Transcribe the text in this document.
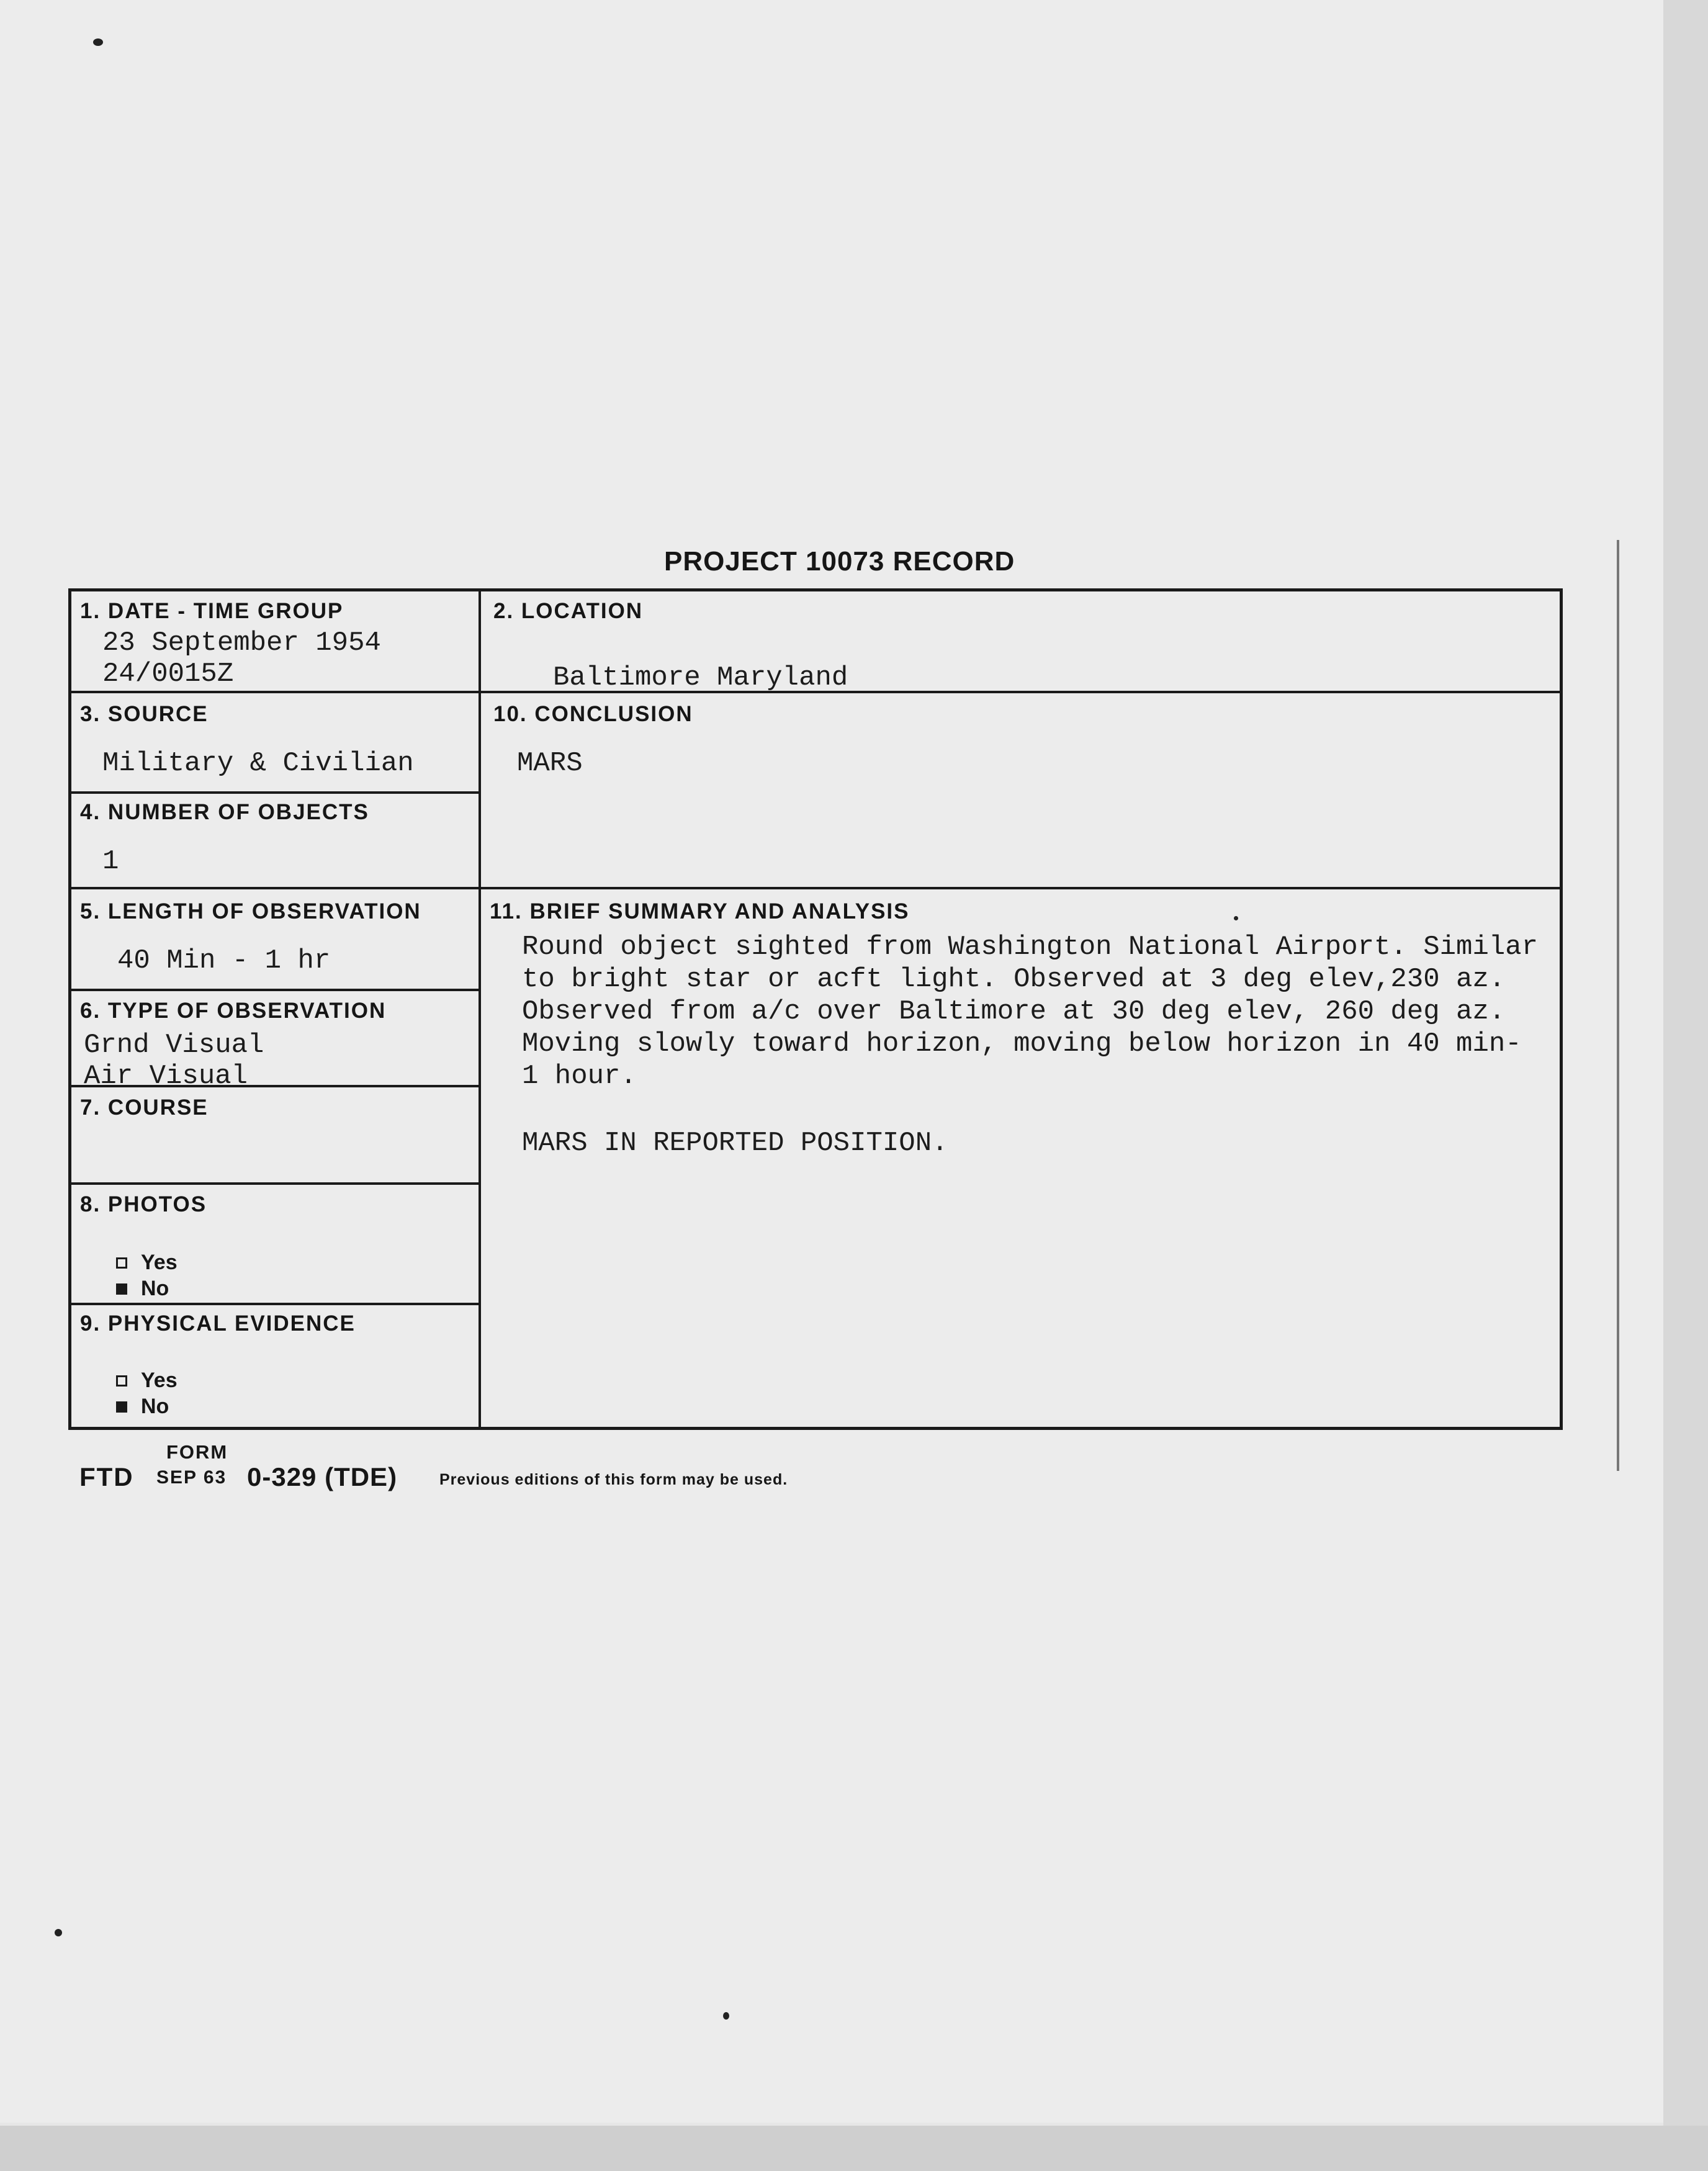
PROJECT 10073 RECORD
1. DATE - TIME GROUP
23 September 1954
24/0015Z
2. LOCATION
Baltimore Maryland
3. SOURCE
Military & Civilian
10. CONCLUSION
MARS
4. NUMBER OF OBJECTS
1
5. LENGTH OF OBSERVATION
40 Min - 1 hr
11. BRIEF SUMMARY AND ANALYSIS
Round object sighted from Washington National Airport. Similar
to bright star or acft light. Observed at 3 deg elev,230 az.
Observed from a/c over Baltimore at 30 deg elev, 260 deg az.
Moving slowly toward horizon, moving below horizon in 40 min-
1 hour.
MARS IN REPORTED POSITION.
6. TYPE OF OBSERVATION
Grnd Visual
Air Visual
7. COURSE
8. PHOTOS
Yes
No
9. PHYSICAL EVIDENCE
Yes
No
FORM
FTD SEP 63 0-329 (TDE)	Previous editions of this form may be used.
